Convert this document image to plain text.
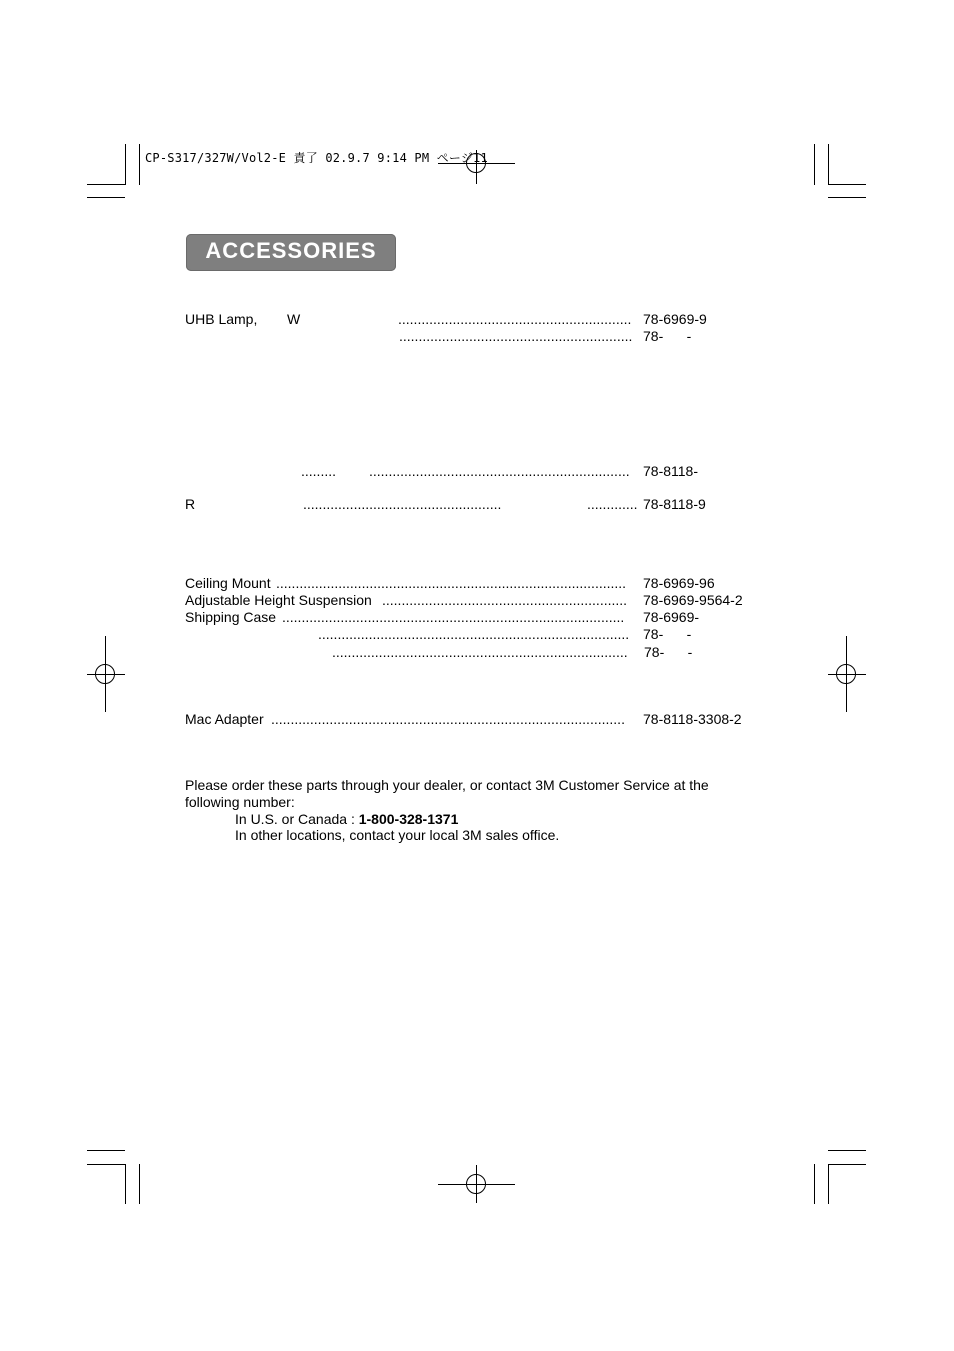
CP-S317/327W/Vol2-E 責了 02.9.7 9:14 PM ページ11
ACCESSORIES
UHB Lamp, W	............................................................ 78-6969-9
............................................................ 78-      -
......... ................................................................... 78-8118-
R	...................................................	............. 78-8118-9
Ceiling Mount .......................................................................................... 78-6969-96
Adjustable Height Suspension ............................................................... 78-6969-9564-2
Shipping Case ........................................................................................ 78-6969-
................................................................................ 78-      -
............................................................................ 78-      -
Mac Adapter ........................................................................................... 78-8118-3308-2
Please order these parts through your dealer, or contact 3M Customer Service at the
following number:
In U.S. or Canada : 1-800-328-1371
In other locations, contact your local 3M sales office.
